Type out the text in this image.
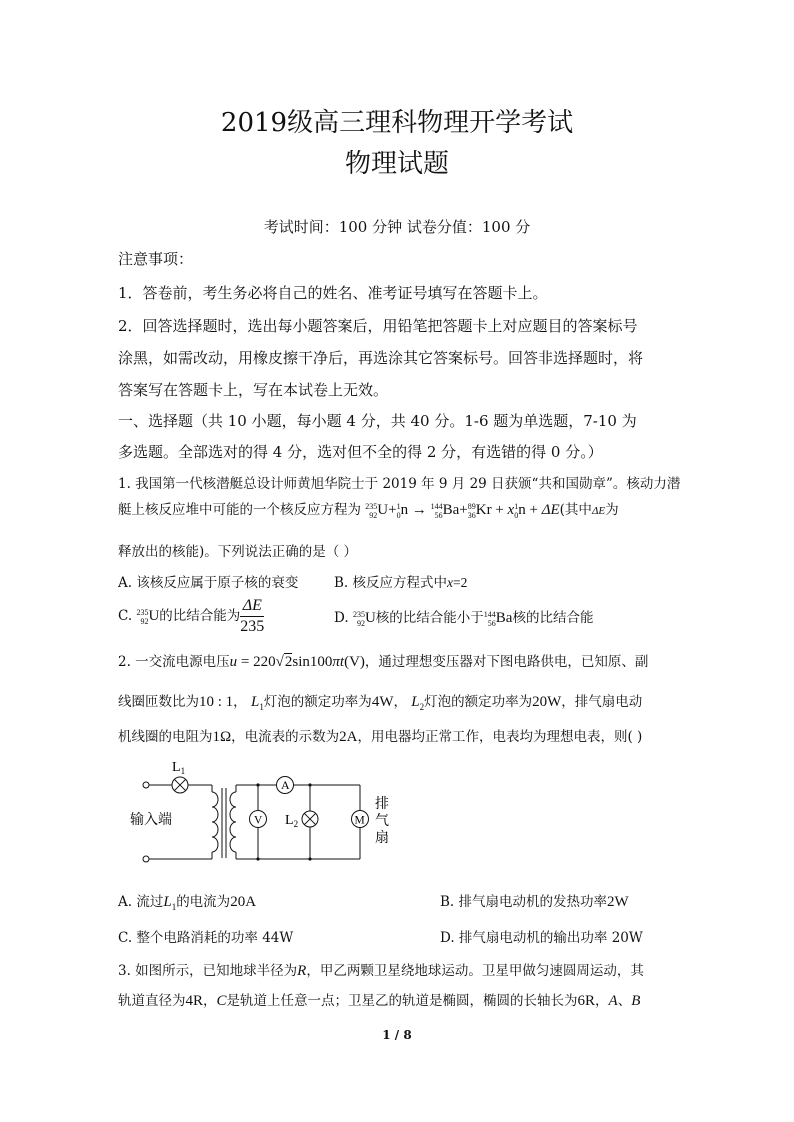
2019级高三理科物理开学考试
物理试题
考试时间：100 分钟 试卷分值：100 分
注意事项：
1．答卷前，考生务必将自己的姓名、准考证号填写在答题卡上。
2．回答选择题时，选出每小题答案后，用铅笔把答题卡上对应题目的答案标号
涂黑，如需改动，用橡皮擦干净后，再选涂其它答案标号。回答非选择题时，将
答案写在答题卡上，写在本试卷上无效。
一、选择题（共 10 小题，每小题 4 分，共 40 分。1-6 题为单选题，7-10 为
多选题。全部选对的得 4 分，选对但不全的得 2 分，有选错的得 0 分。）
1. 我国第一代核潜艇总设计师黄旭华院士于 2019 年 9 月 29 日获颁“共和国勋章”。核动力潜
艇上核反应堆中可能的一个核反应方程为 235
92 U+ 1
0 n → 144
56 Ba+ 89
36 Kr + x 1
0 n + ΔE(其中ΔE为
释放出的核能)。下列说法正确的是（ ）
A. 该核反应属于原子核的衰变	B. 核反应方程式中x=2
C. 235
92 U的比结合能为 $\frac{\Delta E}{235}$	D. 235
92 U核的比结合能小于 144
56 Ba核的比结合能
2. 一交流电源电压u = 220√2sin100πt(V)，通过理想变压器对下图电路供电，已知原、副
线圈匝数比为10 : 1， $L_1$灯泡的额定功率为4W， $L_2$灯泡的额定功率为20W，排气扇电动
机线圈的电阻为1Ω，电流表的示数为2A，用电器均正常工作，电表均为理想电表，则( )
$L_1$
A
V $L_2$	M
输入端
排
气
扇
A. 流过$L_1$的电流为20A	B. 排气扇电动机的发热功率2W
C. 整个电路消耗的功率 44W	D. 排气扇电动机的输出功率 20W
3. 如图所示，已知地球半径为R，甲乙两颗卫星绕地球运动。卫星甲做匀速圆周运动，其
轨道直径为4R，C是轨道上任意一点；卫星乙的轨道是椭圆，椭圆的长轴长为6R，A、B
1 / 8
